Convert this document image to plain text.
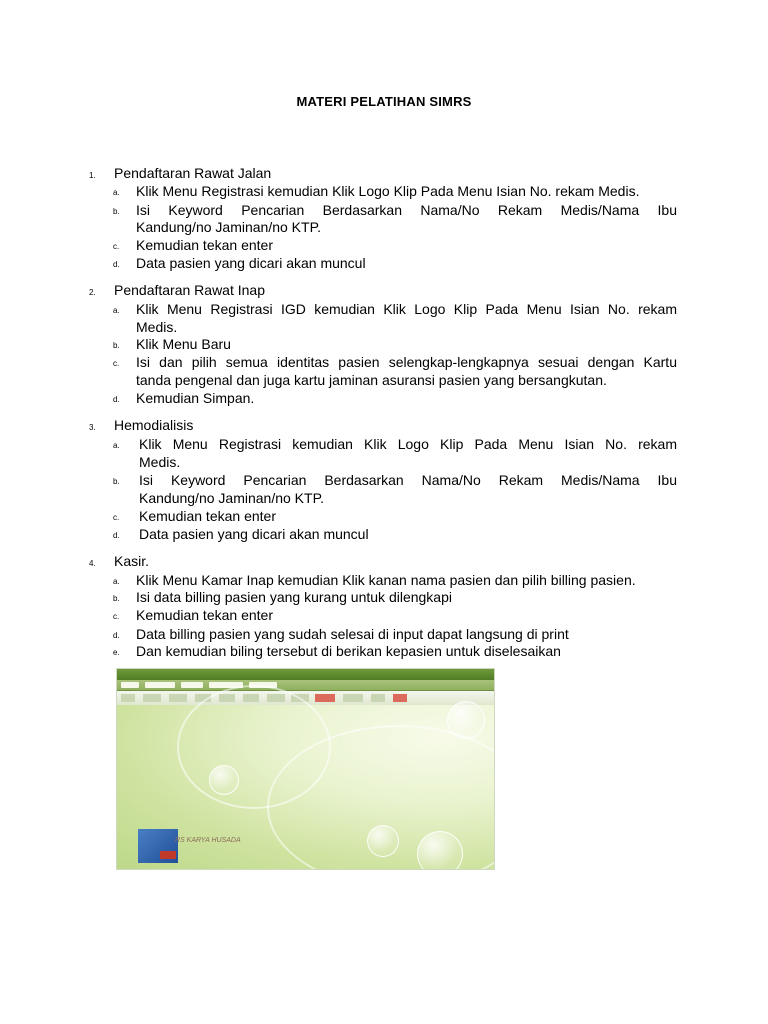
MATERI PELATIHAN SIMRS
1. Pendaftaran Rawat Jalan
a. Klik Menu Registrasi kemudian Klik Logo Klip Pada Menu Isian No. rekam Medis.
b. Isi Keyword Pencarian Berdasarkan Nama/No Rekam Medis/Nama Ibu
Kandung/no Jaminan/no KTP.
c. Kemudian tekan enter
d. Data pasien yang dicari akan muncul
2. Pendaftaran Rawat Inap
a. Klik Menu Registrasi IGD kemudian Klik Logo Klip Pada Menu Isian No. rekam
Medis.
b. Klik Menu Baru
c. Isi dan pilih semua identitas pasien selengkap-lengkapnya sesuai dengan Kartu
tanda pengenal dan juga kartu jaminan asuransi pasien yang bersangkutan.
d. Kemudian Simpan.
3. Hemodialisis
a. Klik Menu Registrasi kemudian Klik Logo Klip Pada Menu Isian No. rekam
Medis.
b. Isi Keyword Pencarian Berdasarkan Nama/No Rekam Medis/Nama Ibu
Kandung/no Jaminan/no KTP.
c. Kemudian tekan enter
d. Data pasien yang dicari akan muncul
4. Kasir.
a. Klik Menu Kamar Inap kemudian Klik kanan nama pasien dan pilih billing pasien.
b. Isi data billing pasien yang kurang untuk dilengkapi
c. Kemudian tekan enter
d. Data billing pasien yang sudah selesai di input dapat langsung di print
e. Dan kemudian biling tersebut di berikan kepasien untuk diselesaikan
RS KARYA HUSADA
